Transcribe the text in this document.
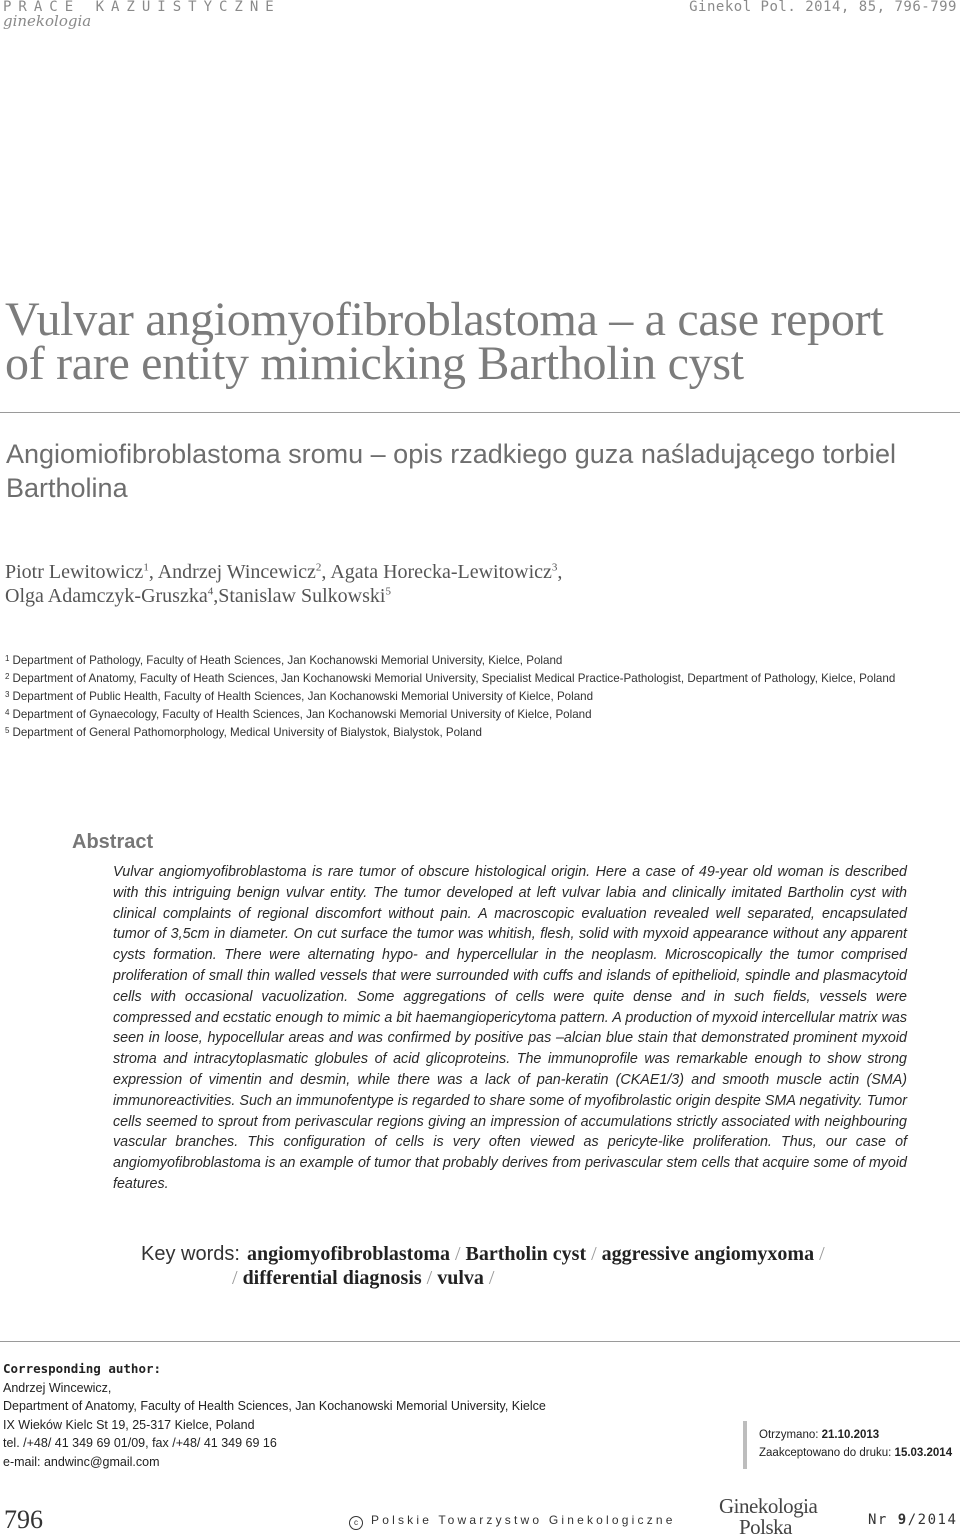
PRACE KAZUISTYCZNE
ginekologia
Ginekol Pol. 2014, 85, 796-799
Vulvar angiomyofibroblastoma – a case report
of rare entity mimicking Bartholin cyst
Angiomiofibroblastoma sromu – opis rzadkiego guza naśladującego torbiel
Bartholina
Piotr Lewitowicz$^1$, Andrzej Wincewicz$^2$, Agata Horecka-Lewitowicz$^3$,
Olga Adamczyk-Gruszka$^4$,Stanislaw Sulkowski$^5$
$^1$ Department of Pathology, Faculty of Heath Sciences, Jan Kochanowski Memorial University, Kielce, Poland
$^2$ Department of Anatomy, Faculty of Heath Sciences, Jan Kochanowski Memorial University, Specialist Medical Practice-Pathologist, Department of Pathology, Kielce, Poland
$^3$ Department of Public Health, Faculty of Health Sciences, Jan Kochanowski Memorial University of Kielce, Poland
$^4$ Department of Gynaecology, Faculty of Health Sciences, Jan Kochanowski Memorial University of Kielce, Poland
$^5$ Department of General Pathomorphology, Medical University of Bialystok, Bialystok, Poland
Abstract
Vulvar angiomyofibroblastoma is rare tumor of obscure histological origin. Here a case of 49-year old woman is described with this intriguing benign vulvar entity. The tumor developed at left vulvar labia and clinically imitated Bartholin cyst with clinical complaints of regional discomfort without pain. A macroscopic evaluation revealed well separated, encapsulated tumor of 3,5cm in diameter. On cut surface the tumor was whitish, flesh, solid with myxoid appearance without any apparent cysts formation. There were alternating hypo- and hypercellular in the neoplasm. Microscopically the tumor comprised proliferation of small thin walled vessels that were surrounded with cuffs and islands of epithelioid, spindle and plasmacytoid cells with occasional vacuolization. Some aggregations of cells were quite dense and in such fields, vessels were compressed and ecstatic enough to mimic a bit haemangiopericytoma pattern. A production of myxoid intercellular matrix was seen in loose, hypocellular areas and was confirmed by positive pas –alcian blue stain that demonstrated prominent myxoid stroma and intracytoplasmatic globules of acid glicoproteins. The immunoprofile was remarkable enough to show strong expression of vimentin and desmin, while there was a lack of pan-keratin (CKAE1/3) and smooth muscle actin (SMA) immunoreactivities. Such an immunofentype is regarded to share some of myofibrolastic origin despite SMA negativity. Tumor cells seemed to sprout from perivascular regions giving an impression of accumulations strictly associated with neighbouring vascular branches. This configuration of cells is very often viewed as pericyte-like proliferation. Thus, our case of angiomyofibroblastoma is an example of tumor that probably derives from perivascular stem cells that acquire some of myoid features.
Key words: angiomyofibroblastoma / Bartholin cyst / aggressive angiomyxoma /
/ differential diagnosis / vulva /
Corresponding author:
Andrzej Wincewicz,
Department of Anatomy, Faculty of Health Sciences, Jan Kochanowski Memorial University, Kielce
IX Wieków Kielc St 19, 25-317 Kielce, Poland
tel. /+48/ 41 349 69 01/09, fax /+48/ 41 349 69 16
e-mail: andwinc@gmail.com
Otrzymano: 21.10.2013
Zaakceptowano do druku: 15.03.2014
796	c Polskie Towarzystwo Ginekologiczne
Ginekologia
Polska	Nr 9/2014
